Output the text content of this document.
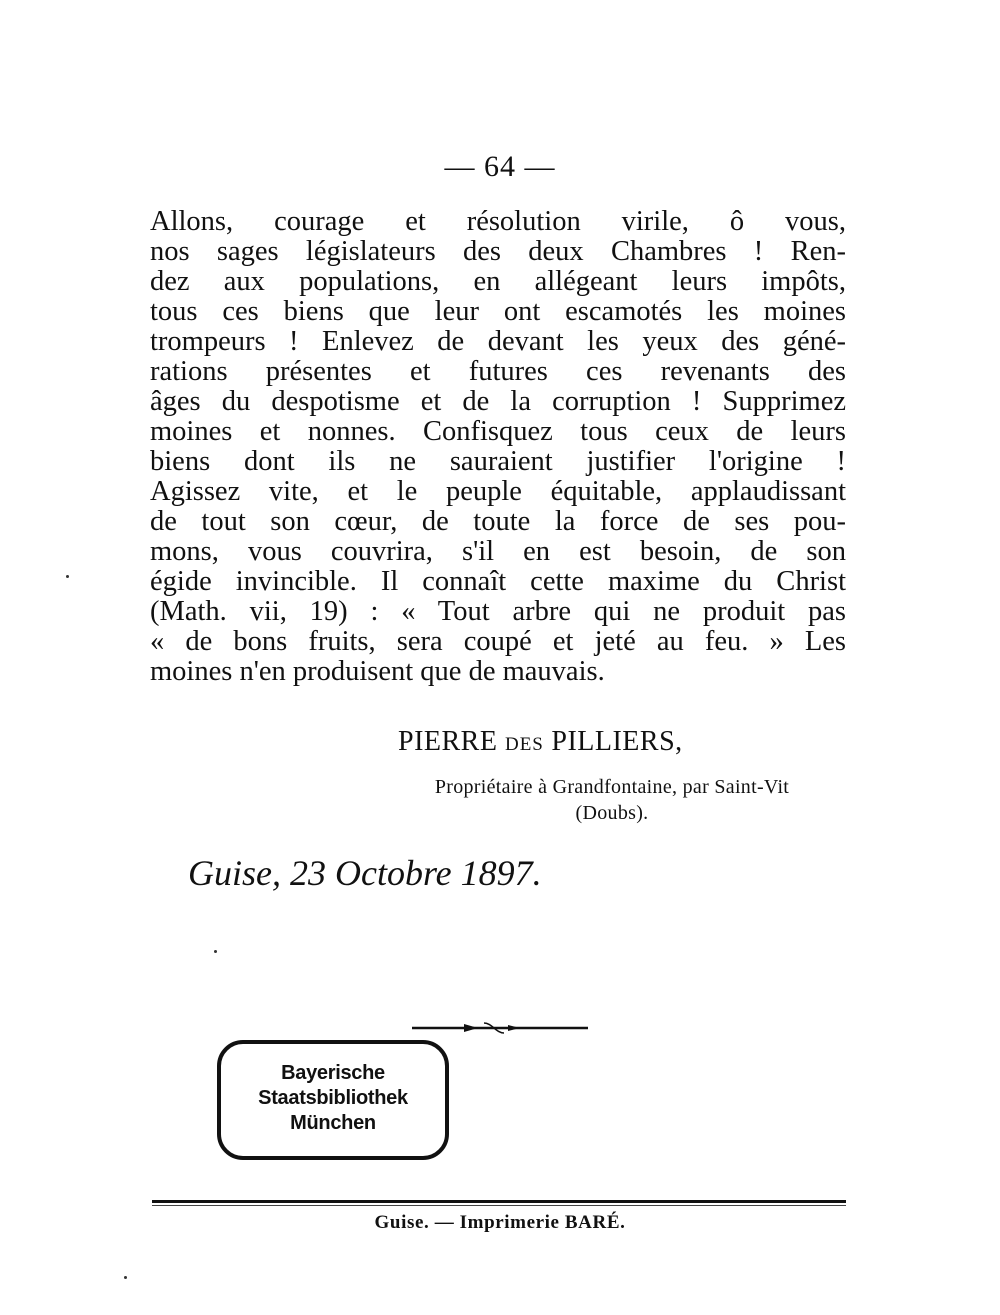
— 64 —
Allons, courage et résolution virile, ô vous,
nos sages législateurs des deux Chambres ! Ren-
dez aux populations, en allégeant leurs impôts,
tous ces biens que leur ont escamotés les moines
trompeurs ! Enlevez de devant les yeux des géné-
rations présentes et futures ces revenants des
âges du despotisme et de la corruption ! Supprimez
moines et nonnes. Confisquez tous ceux de leurs
biens dont ils ne sauraient justifier l'origine !
Agissez vite, et le peuple équitable, applaudissant
de tout son cœur, de toute la force de ses pou-
mons, vous couvrira, s'il en est besoin, de son
égide invincible. Il connaît cette maxime du Christ
(Math. vii, 19) : « Tout arbre qui ne produit pas
« de bons fruits, sera coupé et jeté au feu. » Les
moines n'en produisent que de mauvais.
PIERRE DES PILLIERS,
Propriétaire à Grandfontaine, par Saint-Vit
(Doubs).
Guise, 23 Octobre 1897.
Bayerische
Staatsbibliothek
München
Guise. — Imprimerie BARÉ.
